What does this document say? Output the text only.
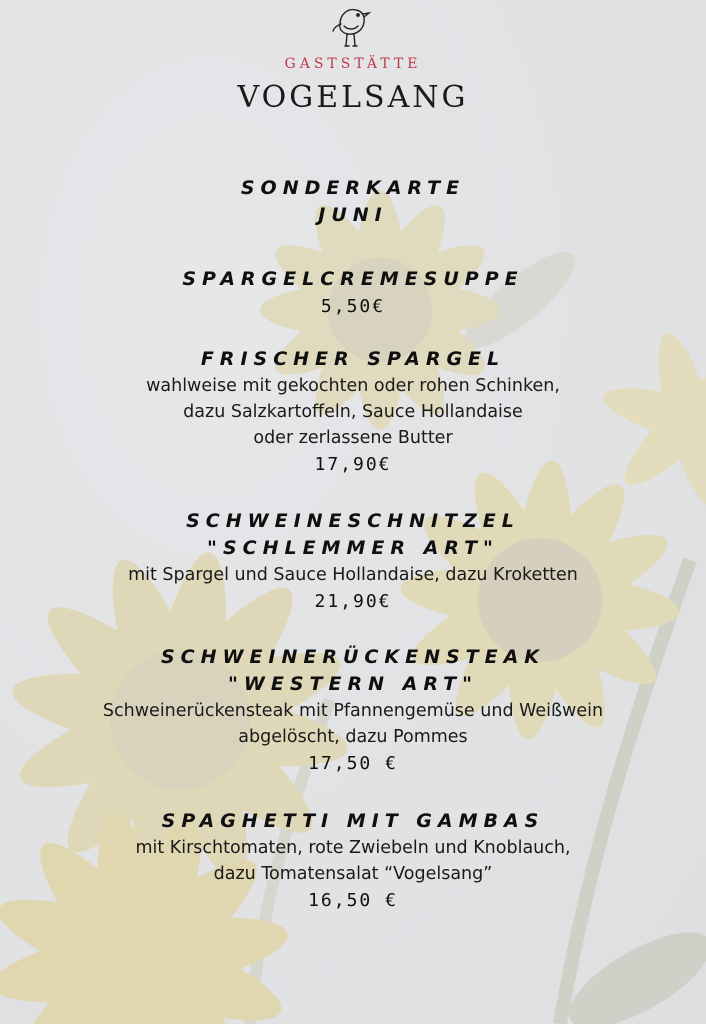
GASTSTÄTTE
VOGELSANG
SONDERKARTE
JUNI
SPARGELCREMESUPPE
5,50€
FRISCHER SPARGEL
wahlweise mit gekochten oder rohen Schinken,
dazu Salzkartoffeln, Sauce Hollandaise
oder zerlassene Butter
17,90€
SCHWEINESCHNITZEL
"SCHLEMMER ART"
mit Spargel und Sauce Hollandaise, dazu Kroketten
21,90€
SCHWEINERÜCKENSTEAK
"WESTERN ART"
Schweinerückensteak mit Pfannengemüse und Weißwein
abgelöscht, dazu Pommes
17,50 €
SPAGHETTI MIT GAMBAS
mit Kirschtomaten, rote Zwiebeln und Knoblauch,
dazu Tomatensalat “Vogelsang”
16,50 €
